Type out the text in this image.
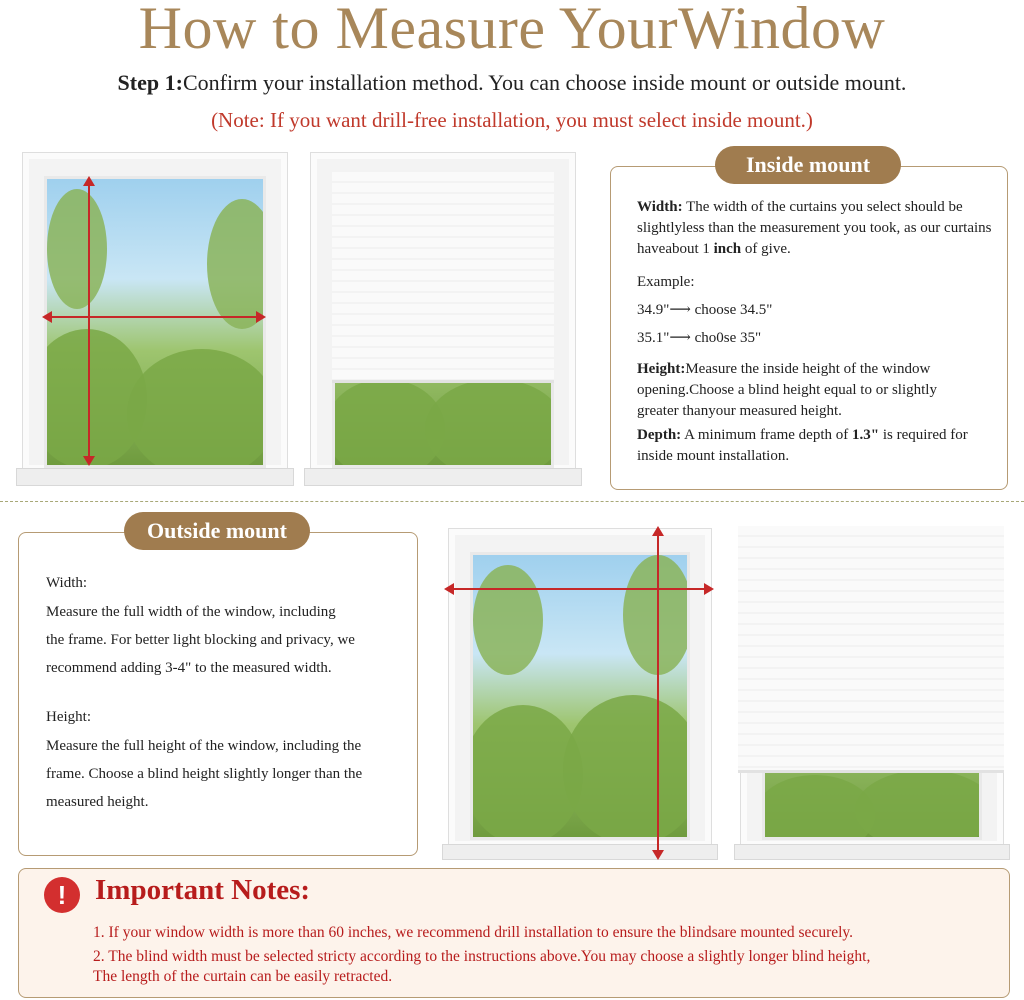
How to Measure YourWindow
Step 1:Confirm your installation method. You can choose inside mount or outside mount.
(Note: If you want drill-free installation, you must select inside mount.)
Inside mount
Width: The width of the curtains you select should be slightlyless than the measurement you took, as our curtains haveabout 1 inch of give.
Example:
34.9"⟶ choose 34.5"
35.1"⟶ cho0se 35"
Height:Measure the inside height of the window opening.Choose a blind height equal to or slightly greater thanyour measured height.
Depth: A minimum frame depth of 1.3" is required for inside mount installation.
Outside mount
Width:
Measure the full width of the window, including
the frame. For better light blocking and privacy, we
recommend adding 3-4" to the measured width.
Height:
Measure the full height of the window, including the
frame. Choose a blind height slightly longer than the
measured height.
! Important Notes:
1. If your window width is more than 60 inches, we recommend drill installation to ensure the blindsare mounted securely.
2. The blind width must be selected stricty according to the instructions above.You may choose a slightly longer blind height,
The length of the curtain can be easily retracted.
